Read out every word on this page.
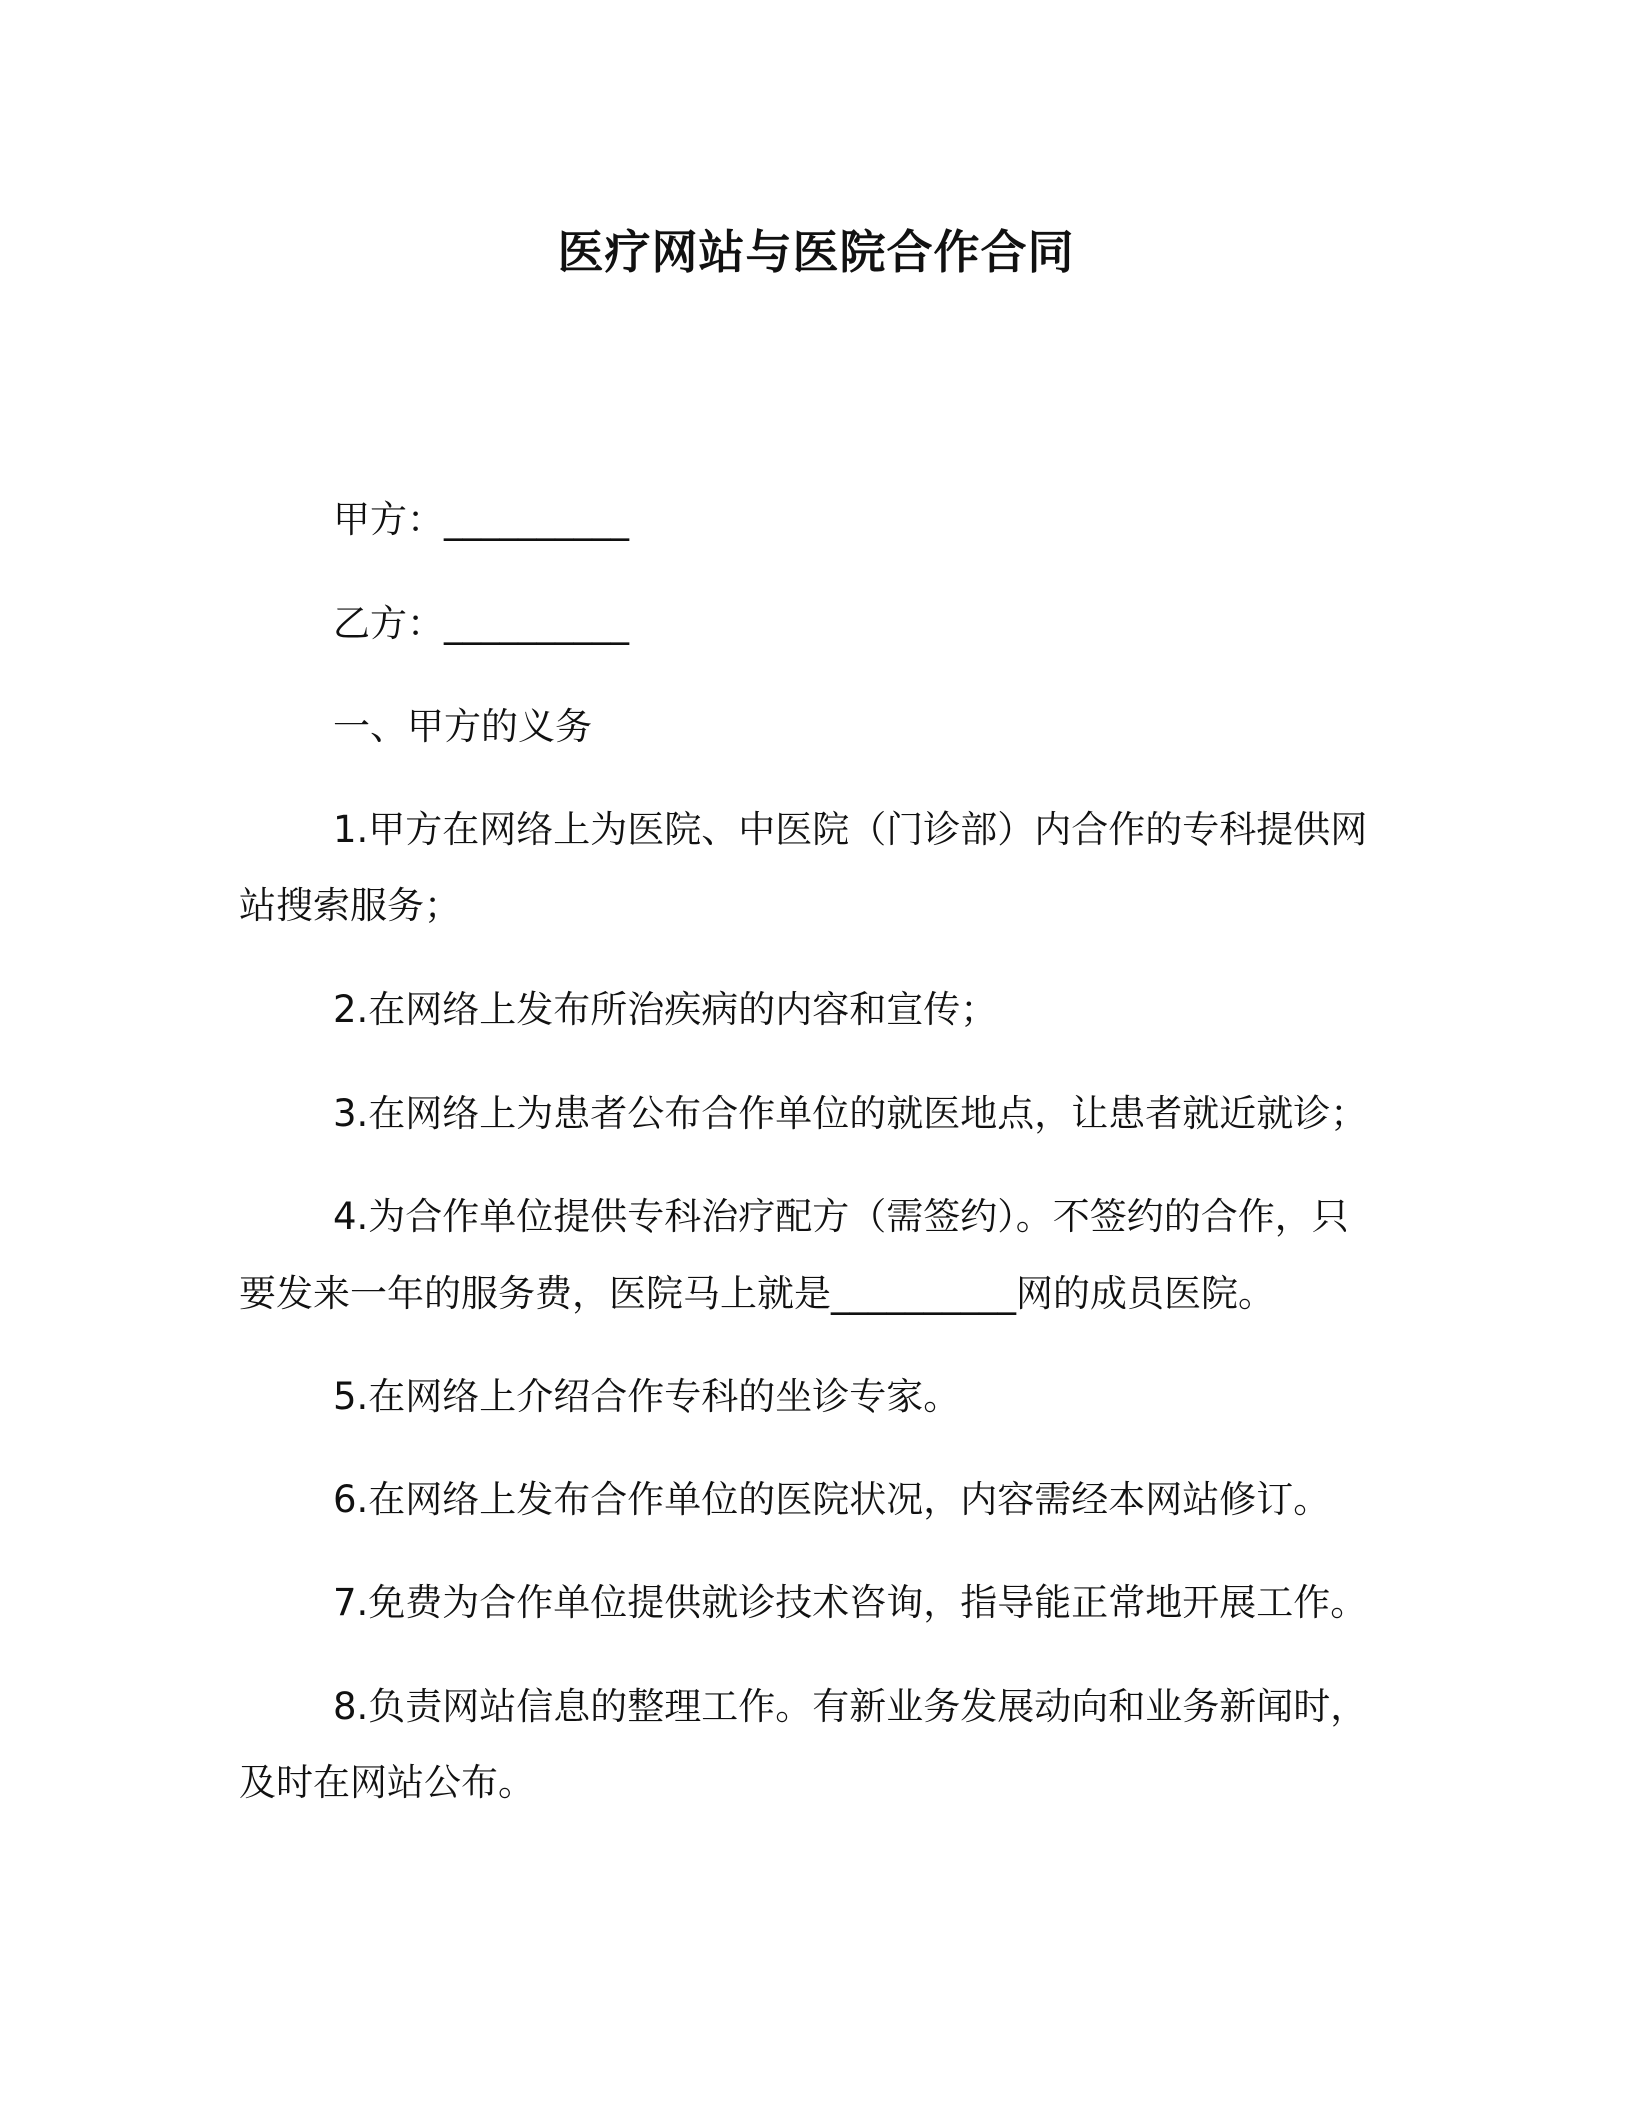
医疗网站与医院合作合同
甲方：__________
乙方：__________
一、甲方的义务
1.甲方在网络上为医院、中医院（门诊部）内合作的专科提供网
站搜索服务；
2.在网络上发布所治疾病的内容和宣传；
3.在网络上为患者公布合作单位的就医地点，让患者就近就诊；
4.为合作单位提供专科治疗配方（需签约）。不签约的合作，只
要发来一年的服务费，医院马上就是__________网的成员医院。
5.在网络上介绍合作专科的坐诊专家。
6.在网络上发布合作单位的医院状况，内容需经本网站修订。
7.免费为合作单位提供就诊技术咨询，指导能正常地开展工作。
8.负责网站信息的整理工作。有新业务发展动向和业务新闻时，
及时在网站公布。
